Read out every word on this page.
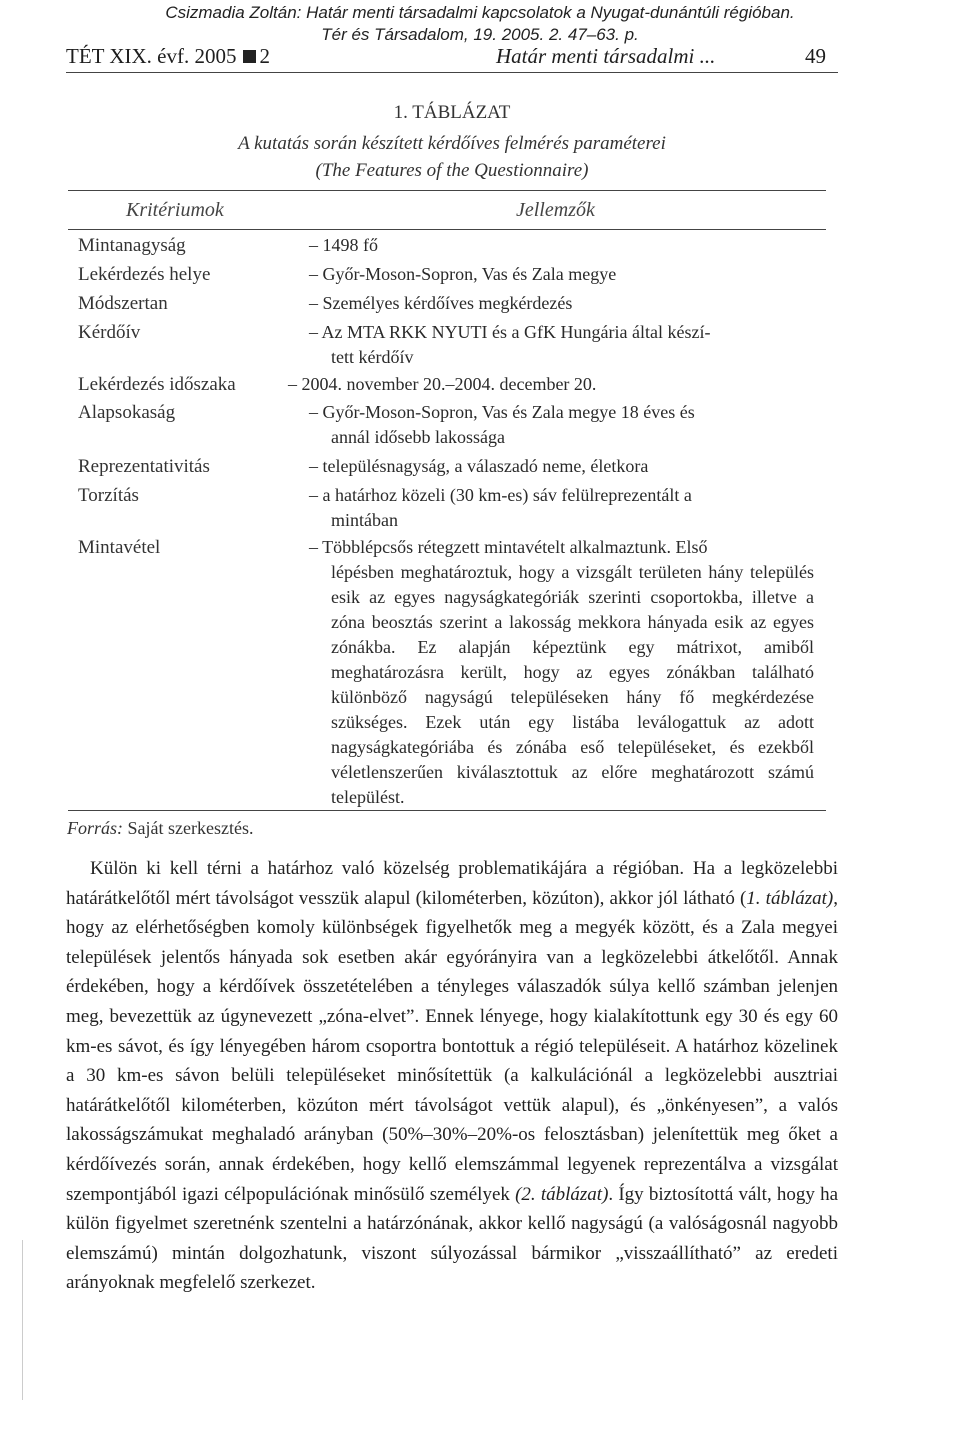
Csizmadia Zoltán: Határ menti társadalmi kapcsolatok a Nyugat-dunántúli régióban.
Tér és Társadalom, 19. 2005. 2. 47–63. p.
TÉT XIX. évf. 2005 2	Határ menti társadalmi ...	49
1. TÁBLÁZAT
A kutatás során készített kérdőíves felmérés paraméterei
(The Features of the Questionnaire)
Kritériumok	Jellemzők
Mintanagyság	– 1498 fő
Lekérdezés helye	– Győr-Moson-Sopron, Vas és Zala megye
Módszertan	– Személyes kérdőíves megkérdezés
Kérdőív	– Az MTA RKK NYUTI és a GfK Hungária által készí-
tett kérdőív
Lekérdezés időszaka	– 2004. november 20.–2004. december 20.
Alapsokaság	– Győr-Moson-Sopron, Vas és Zala megye 18 éves és
annál idősebb lakossága
Reprezentativitás	– településnagyság, a válaszadó neme, életkora
Torzítás	– a határhoz közeli (30 km-es) sáv felülreprezentált a
mintában
Mintavétel	– Többlépcsős rétegzett mintavételt alkalmaztunk. Első
lépésben meghatároztuk, hogy a vizsgált területen hány település esik az egyes nagyságkategóriák szerinti csoportokba, illetve a zóna beosztás szerint a lakosság mekkora hányada esik az egyes zónákba. Ez alapján képeztünk egy mátrixot, amiből meghatározásra került, hogy az egyes zónákban található különböző nagyságú településeken hány fő megkérdezése szükséges. Ezek után egy listába leválogattuk az adott nagyságkategóriába és zónába eső településeket, és ezekből véletlenszerűen kiválasztottuk az előre meghatározott számú települést.
Forrás: Saját szerkesztés.
Külön ki kell térni a határhoz való közelség problematikájára a régióban. Ha a legközelebbi határátkelőtől mért távolságot vesszük alapul (kilométerben, közúton), akkor jól látható (1. táblázat), hogy az elérhetőségben komoly különbségek figyelhetők meg a megyék között, és a Zala megyei települések jelentős hányada sok esetben akár egyórányira van a legközelebbi átkelőtől. Annak érdekében, hogy a kérdőívek összetételében a tényleges válaszadók súlya kellő számban jelenjen meg, bevezettük az úgynevezett „zóna-elvet”. Ennek lényege, hogy kialakítottunk egy 30 és egy 60 km-es sávot, és így lényegében három csoportra bontottuk a régió településeit. A határhoz közelinek a 30 km-es sávon belüli településeket minősítettük (a kalkulációnál a legközelebbi ausztriai határátkelőtől kilométerben, közúton mért távolságot vettük alapul), és „önkényesen”, a valós lakosságszámukat meghaladó arányban (50%–30%–20%-os felosztásban) jelenítettük meg őket a kérdőívezés során, annak érdekében, hogy kellő elemszámmal legyenek reprezentálva a vizsgálat szempontjából igazi célpopulációnak minősülő személyek (2. táblázat). Így biztosítottá vált, hogy ha külön figyelmet szeretnénk szentelni a határzónának, akkor kellő nagyságú (a valóságosnál nagyobb elemszámú) mintán dolgozhatunk, viszont súlyozással bármikor „visszaállítható” az eredeti arányoknak megfelelő szerkezet.
